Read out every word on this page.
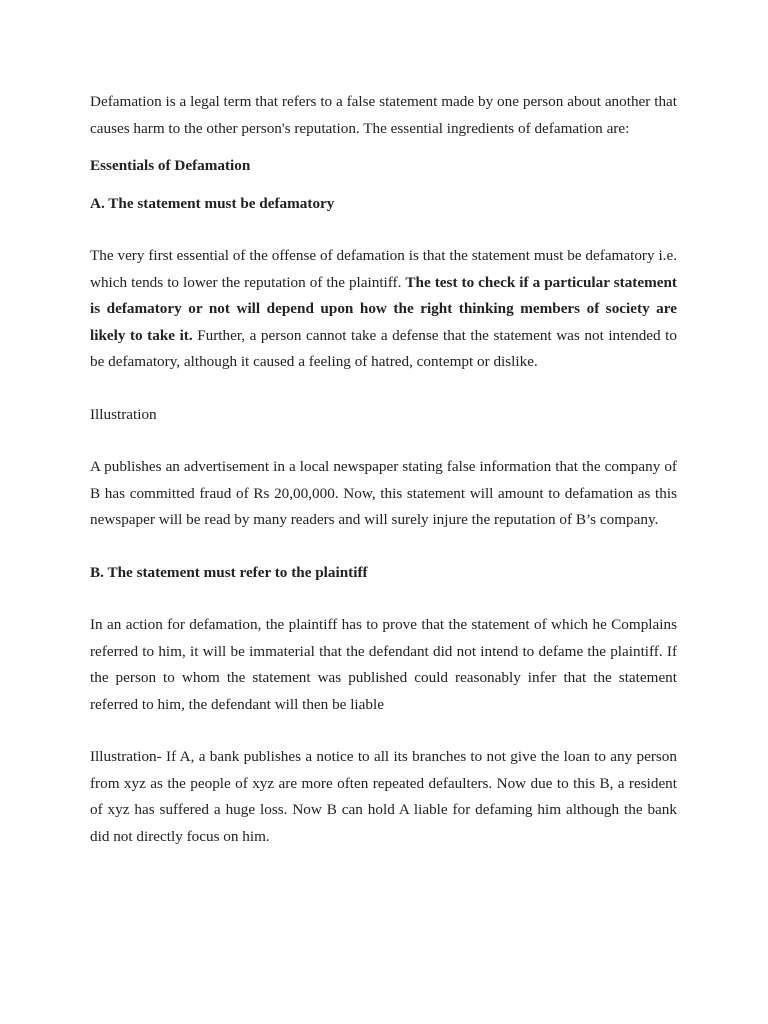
Defamation is a legal term that refers to a false statement made by one person about another that causes harm to the other person's reputation. The essential ingredients of defamation are:

Essentials of Defamation

A. The statement must be defamatory

The very first essential of the offense of defamation is that the statement must be defamatory i.e. which tends to lower the reputation of the plaintiff. The test to check if a particular statement is defamatory or not will depend upon how the right thinking members of society are likely to take it. Further, a person cannot take a defense that the statement was not intended to be defamatory, although it caused a feeling of hatred, contempt or dislike.

Illustration

A publishes an advertisement in a local newspaper stating false information that the company of B has committed fraud of Rs 20,00,000. Now, this statement will amount to defamation as this newspaper will be read by many readers and will surely injure the reputation of B’s company.

B. The statement must refer to the plaintiff

In an action for defamation, the plaintiff has to prove that the statement of which he Complains referred to him, it will be immaterial that the defendant did not intend to defame the plaintiff. If the person to whom the statement was published could reasonably infer that the statement referred to him, the defendant will then be liable

Illustration- If A, a bank publishes a notice to all its branches to not give the loan to any person from xyz as the people of xyz are more often repeated defaulters. Now due to this B, a resident of xyz has suffered a huge loss. Now B can hold A liable for defaming him although the bank did not directly focus on him.
